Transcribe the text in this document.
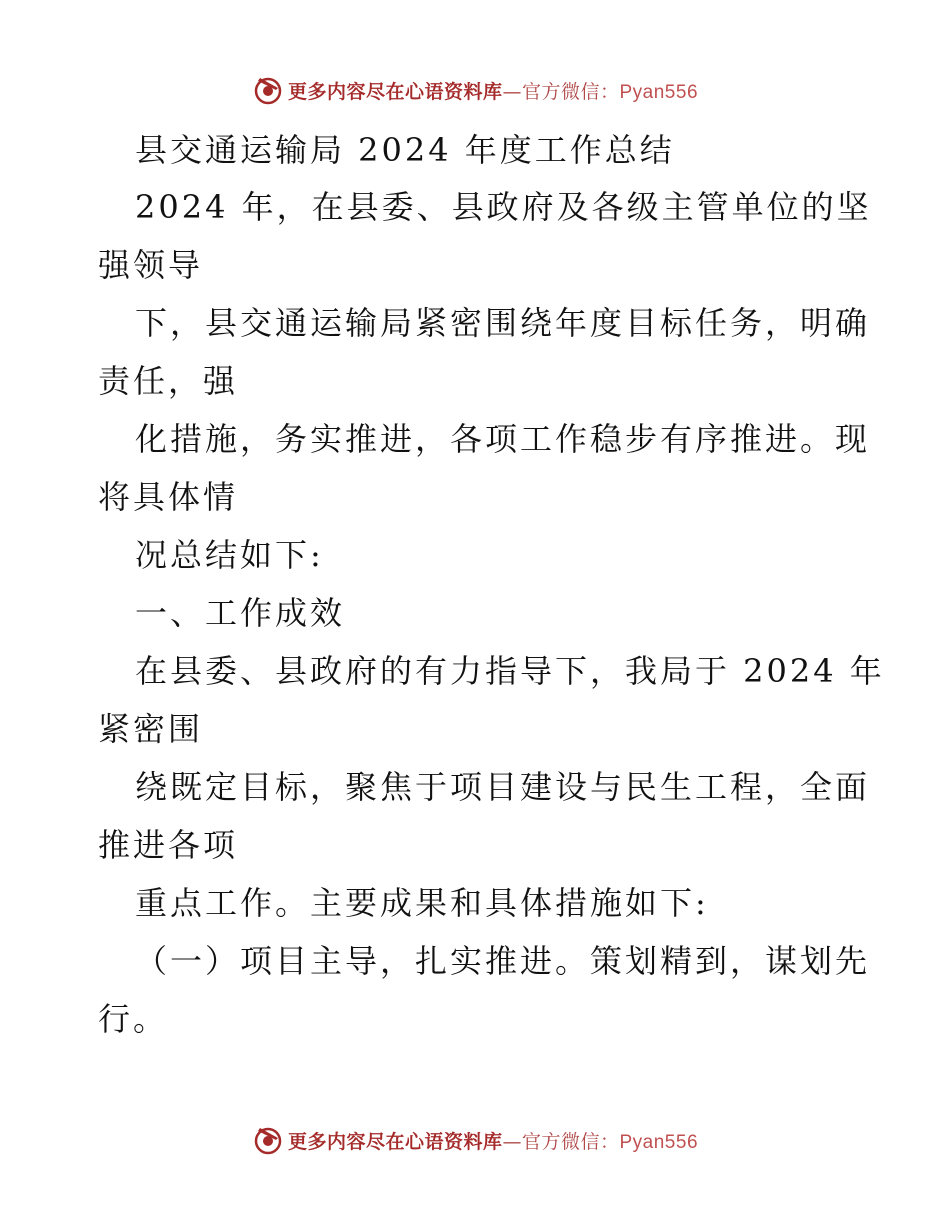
更多内容尽在心语资料库—官方微信：Pyan556
县交通运输局 2024 年度工作总结
2024 年，在县委、县政府及各级主管单位的坚
强领导
下，县交通运输局紧密围绕年度目标任务，明确
责任，强
化措施，务实推进，各项工作稳步有序推进。现
将具体情
况总结如下:
一、工作成效
在县委、县政府的有力指导下，我局于 2024 年
紧密围
绕既定目标，聚焦于项目建设与民生工程，全面
推进各项
重点工作。主要成果和具体措施如下:
（一）项目主导，扎实推进。策划精到，谋划先
行。
更多内容尽在心语资料库—官方微信：Pyan556
